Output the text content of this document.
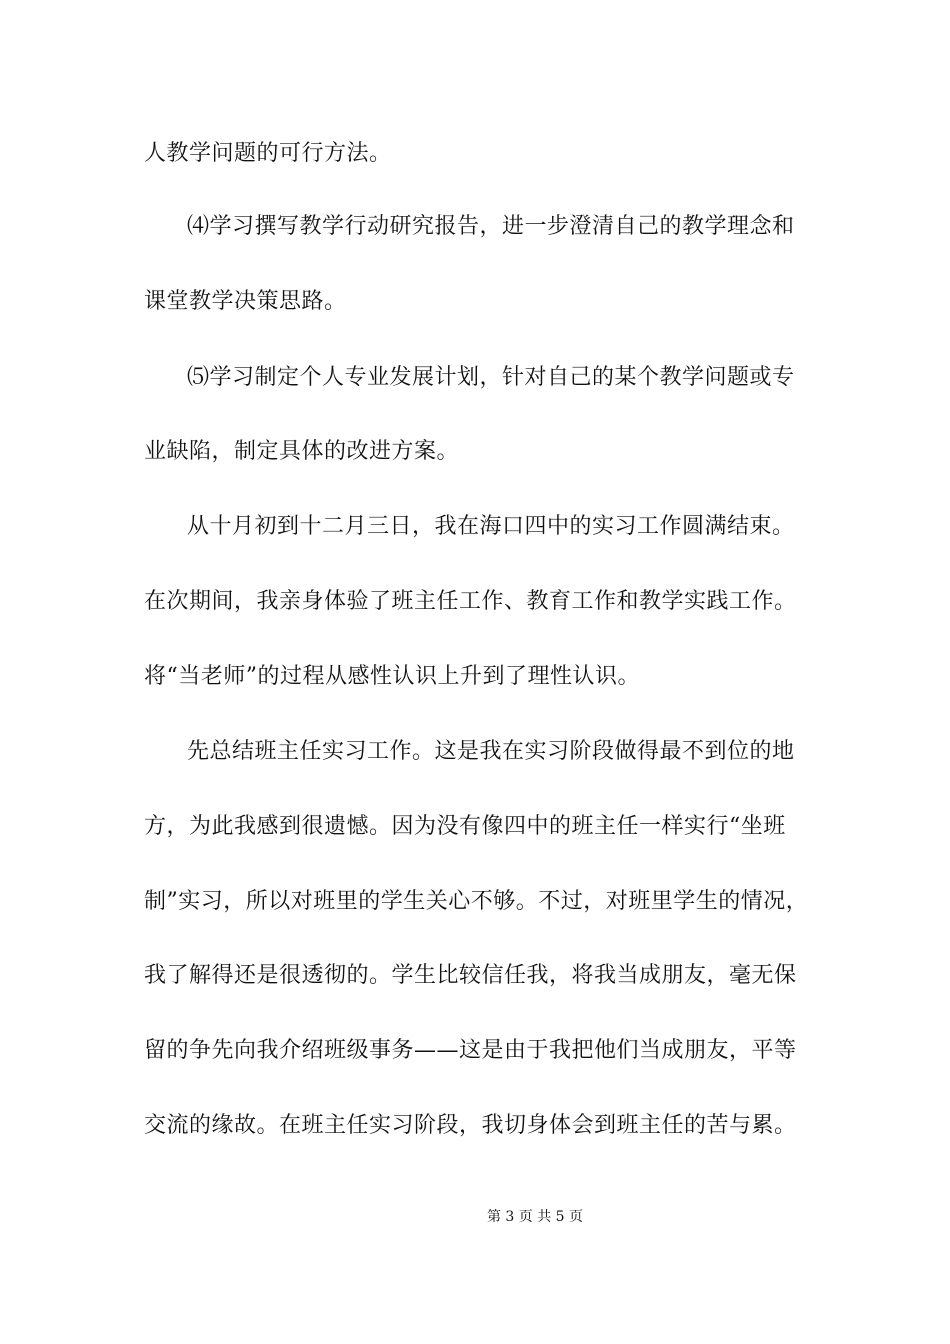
人教学问题的可行方法。
⑷学习撰写教学行动研究报告，进一步澄清自己的教学理念和
课堂教学决策思路。
⑸学习制定个人专业发展计划，针对自己的某个教学问题或专
业缺陷，制定具体的改进方案。
从十月初到十二月三日，我在海口四中的实习工作圆满结束。
在次期间，我亲身体验了班主任工作、教育工作和教学实践工作。
将“当老师”的过程从感性认识上升到了理性认识。
先总结班主任实习工作。这是我在实习阶段做得最不到位的地
方，为此我感到很遗憾。因为没有像四中的班主任一样实行“坐班
制”实习，所以对班里的学生关心不够。不过，对班里学生的情况，
我了解得还是很透彻的。学生比较信任我，将我当成朋友，毫无保
留的争先向我介绍班级事务——这是由于我把他们当成朋友，平等
交流的缘故。在班主任实习阶段，我切身体会到班主任的苦与累。
第 3 页 共 5 页
